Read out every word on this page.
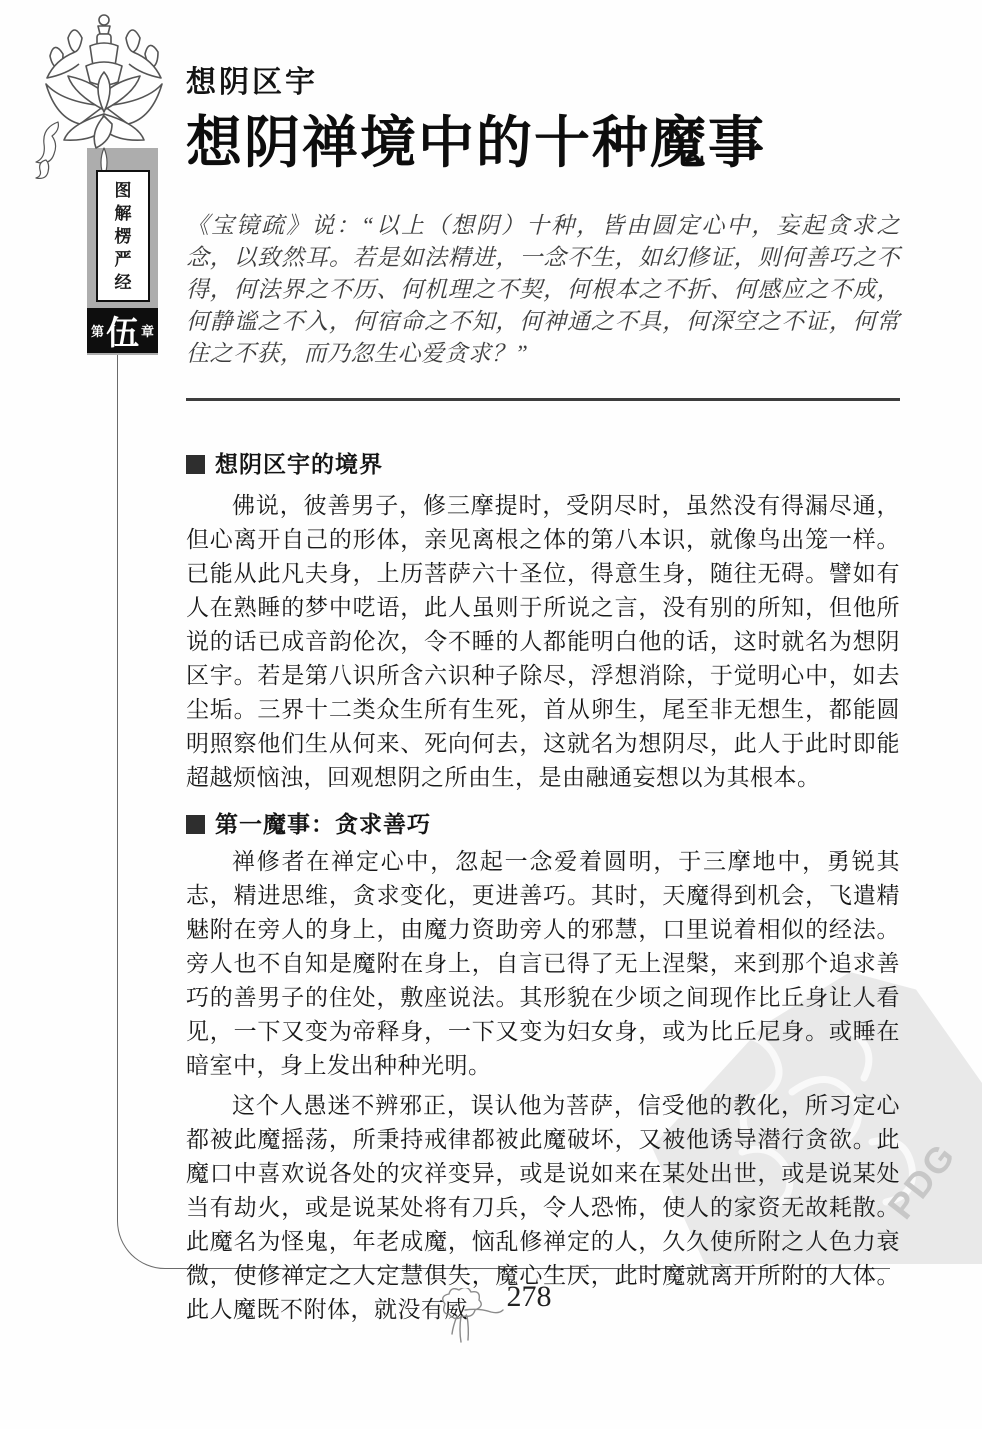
PDG
图
解
楞
严
经
第 伍 章
想阴区宇
想阴禅境中的十种魔事
《宝镜疏》说：“以上（想阴）十种，皆由圆定心中，妄起贪求之念，以致然耳。若是如法精进，一念不生，如幻修证，则何善巧之不得，何法界之不历、何机理之不契，何根本之不折、何感应之不成，何静谧之不入，何宿命之不知，何神通之不具，何深空之不证，何常住之不获，而乃忽生心爱贪求？”
想阴区宇的境界

佛说，彼善男子，修三摩提时，受阴尽时，虽然没有得漏尽通，但心离开自己的形体，亲见离根之体的第八本识，就像鸟出笼一样。已能从此凡夫身，上历菩萨六十圣位，得意生身，随往无碍。譬如有人在熟睡的梦中呓语，此人虽则于所说之言，没有别的所知，但他所说的话已成音韵伦次，令不睡的人都能明白他的话，这时就名为想阴区宇。若是第八识所含六识种子除尽，浮想消除，于觉明心中，如去尘垢。三界十二类众生所有生死，首从卵生，尾至非无想生，都能圆明照察他们生从何来、死向何去，这就名为想阴尽，此人于此时即能超越烦恼浊，回观想阴之所由生，是由融通妄想以为其根本。

第一魔事：贪求善巧

禅修者在禅定心中，忽起一念爱着圆明，于三摩地中，勇锐其志，精进思维，贪求变化，更进善巧。其时，天魔得到机会，飞遣精魅附在旁人的身上，由魔力资助旁人的邪慧，口里说着相似的经法。旁人也不自知是魔附在身上，自言已得了无上涅槃，来到那个追求善巧的善男子的住处，敷座说法。其形貌在少顷之间现作比丘身让人看见，一下又变为帝释身，一下又变为妇女身，或为比丘尼身。或睡在暗室中，身上发出种种光明。

这个人愚迷不辨邪正，误认他为菩萨，信受他的教化，所习定心都被此魔摇荡，所秉持戒律都被此魔破坏，又被他诱导潜行贪欲。此魔口中喜欢说各处的灾祥变异，或是说如来在某处出世，或是说某处当有劫火，或是说某处将有刀兵，令人恐怖，使人的家资无故耗散。此魔名为怪鬼，年老成魔，恼乱修禅定的人，久久使所附之人色力衰微，使修禅定之人定慧俱失，魔心生厌，此时魔就离开所附的人体。此人魔既不附体，就没有威	278
